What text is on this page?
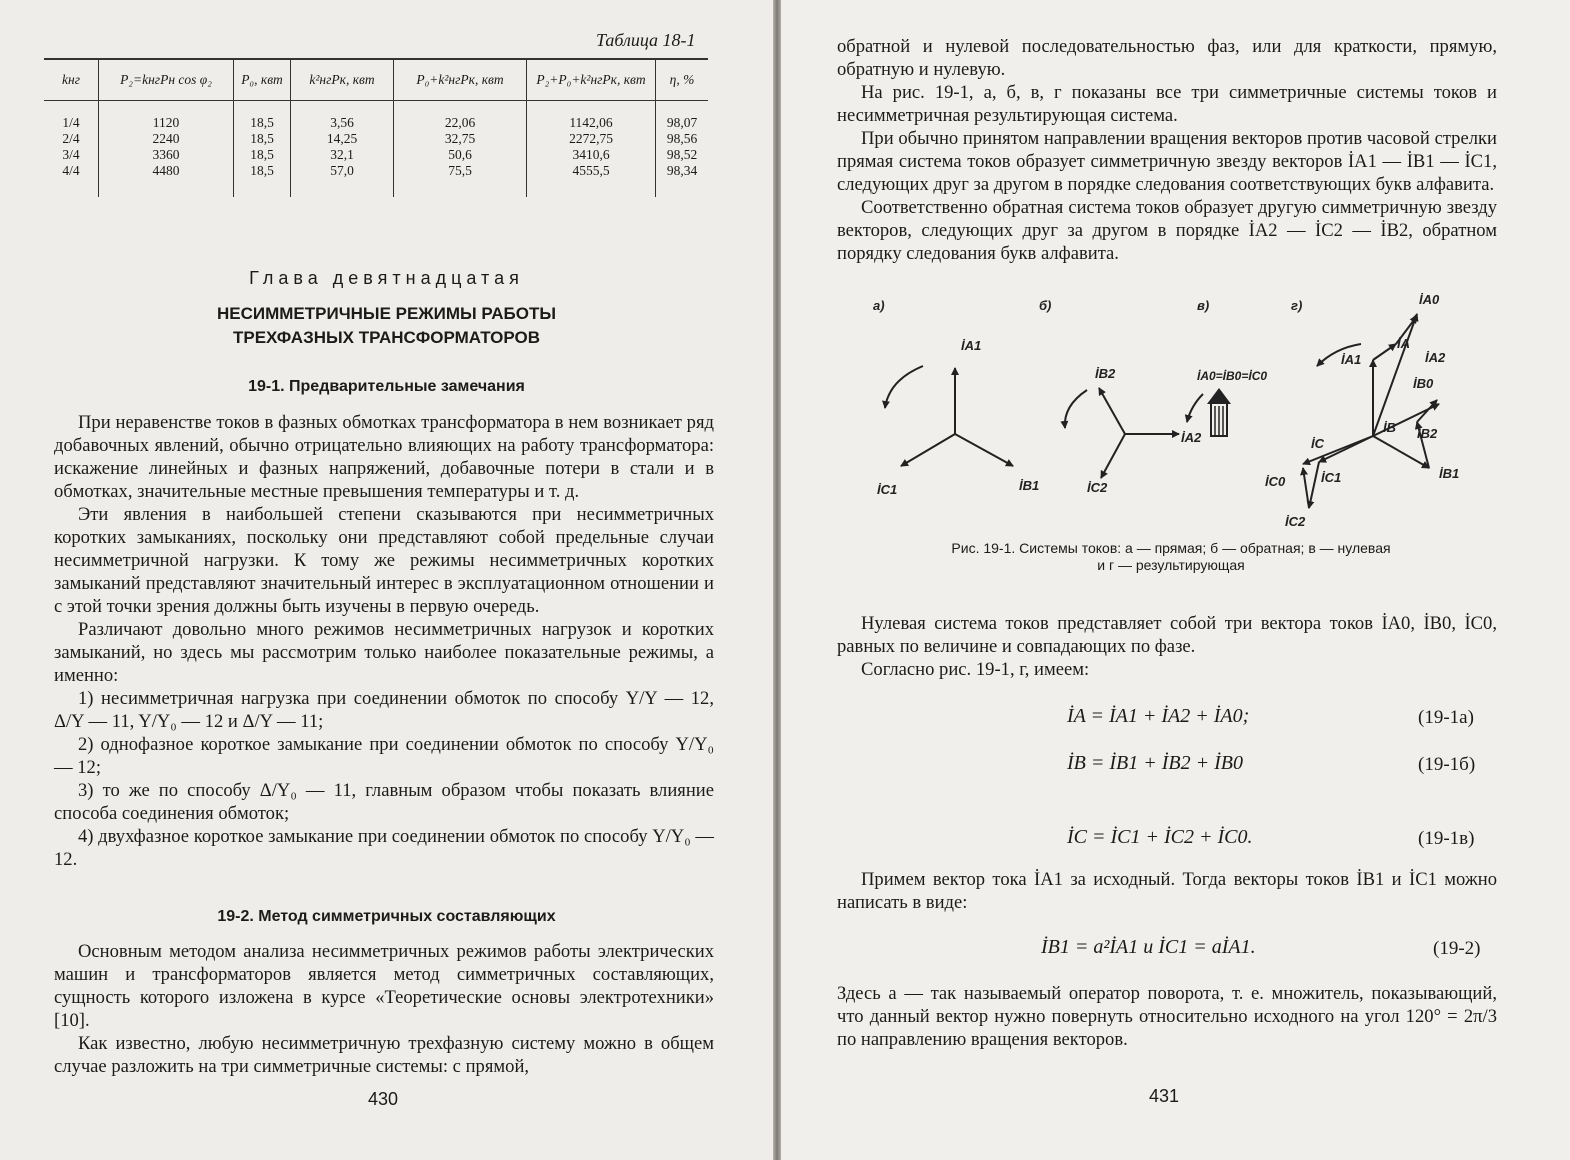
Таблица 18-1
kнг	P₂=kнгPн cos φ₂	P₀, квт	k²нгPк, квт	P₀+k²нгPк, квт	P₂+P₀+k²нгPк, квт	η, %
1/4	1120	18,5	3,56	22,06	1142,06	98,07
2/4	2240	18,5	14,25	32,75	2272,75	98,56
3/4	3360	18,5	32,1	50,6	3410,6	98,52
4/4	4480	18,5	57,0	75,5	4555,5	98,34

Глава девятнадцатая
НЕСИММЕТРИЧНЫЕ РЕЖИМЫ РАБОТЫ
ТРЕХФАЗНЫХ ТРАНСФОРМАТОРОВ
19-1. Предварительные замечания

При неравенстве токов в фазных обмотках трансформатора в нем возникает ряд добавочных явлений, обычно отрицательно влияющих на работу трансформатора: искажение линейных и фазных напряжений, добавочные потери в стали и в обмотках, значительные местные превышения температуры и т. д.

Эти явления в наибольшей степени сказываются при несимметричных коротких замыканиях, поскольку они представляют собой предельные случаи несимметричной нагрузки. К тому же режимы несимметричных коротких замыканий представляют значительный интерес в эксплуатационном отношении и с этой точки зрения должны быть изучены в первую очередь.

Различают довольно много режимов несимметричных нагрузок и коротких замыканий, но здесь мы рассмотрим только наиболее показательные режимы, а именно:

1) несимметричная нагрузка при соединении обмоток по способу Y/Y — 12, Δ/Y — 11, Y/Y₀ — 12 и Δ/Y — 11;

2) однофазное короткое замыкание при соединении обмоток по способу Y/Y₀ — 12;

3) то же по способу Δ/Y₀ — 11, главным образом чтобы показать влияние способа соединения обмоток;

4) двухфазное короткое замыкание при соединении обмоток по способу Y/Y₀ — 12.

19-2. Метод симметричных составляющих

Основным методом анализа несимметричных режимов работы электрических машин и трансформаторов является метод симметричных составляющих, сущность которого изложена в курсе «Теоретические основы электротехники» [10].

Как известно, любую несимметричную трехфазную систему можно в общем случае разложить на три симметричные системы: с прямой,

430

обратной и нулевой последовательностью фаз, или для краткости, прямую, обратную и нулевую.

На рис. 19-1, а, б, в, г показаны все три симметричные системы токов и несимметричная результирующая система.

При обычно принятом направлении вращения векторов против часовой стрелки прямая система токов образует симметричную звезду векторов İA1 — İB1 — İC1, следующих друг за другом в порядке следования соответствующих букв алфавита.

Соответственно обратная система токов образует другую симметричную звезду векторов, следующих друг за другом в порядке İA2 — İC2 — İB2, обратном порядку следования букв алфавита.

а)	б)	в)	г)
İA1
İC1	İB1
İB2
İA2
İC2
İA0=İB0=İC0
İA0
İA
İA1	İA2
İB0
İB İB2
İB1
İC
İC0	İC1
İC2
Рис. 19-1. Системы токов: а — прямая; б — обратная; в — нулевая
и г — результирующая

Нулевая система токов представляет собой три вектора токов İA0, İB0, İC0, равных по величине и совпадающих по фазе.

Согласно рис. 19-1, г, имеем:

İA = İA1 + İA2 + İA0;	(19-1а)
İB = İB1 + İB2 + İB0	(19-1б)
İC = İC1 + İC2 + İC0.	(19-1в)

Примем вектор тока İA1 за исходный. Тогда векторы токов İB1 и İC1 можно написать в виде:

İB1 = a²İA1 и İC1 = aİA1.	(19-2)

Здесь a — так называемый оператор поворота, т. е. множитель, показывающий, что данный вектор нужно повернуть относительно исходного на угол 120° = 2π/3 по направлению вращения векторов.

431
